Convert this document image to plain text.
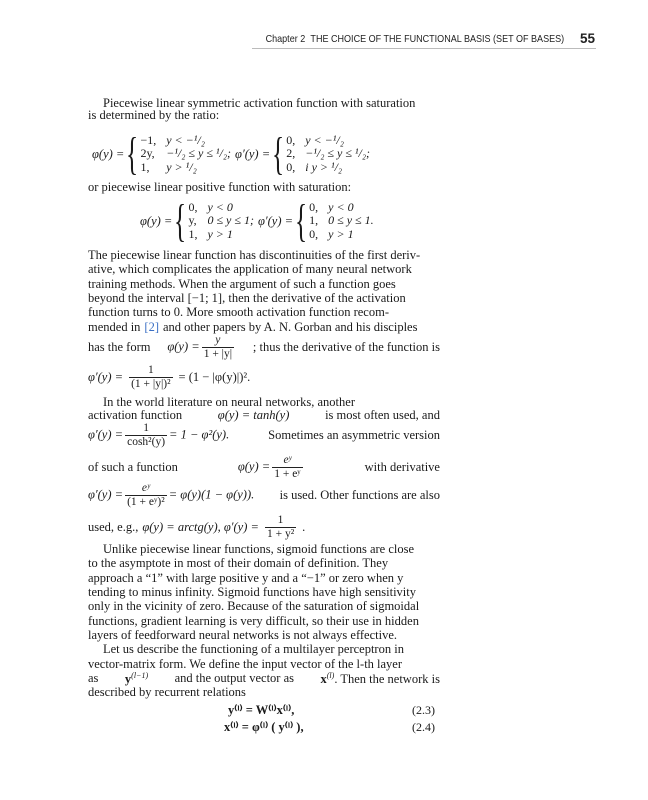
Chapter 2 THE CHOICE OF THE FUNCTIONAL BASIS (SET OF BASES) 55
Piecewise linear symmetric activation function with saturation
is determined by the ratio:
φ(y) = { −1, y < −¹/₂
2y, −¹/₂ ≤ y ≤ ¹/₂;
1,	y > ¹/₂
φ′(y) = { 0, y < −¹/₂
2, −¹/₂ ≤ y ≤ ¹/₂;
0, i y > ¹/₂
or piecewise linear positive function with saturation:
φ(y) = { 0, y < 0
y, 0 ≤ y ≤ 1;
1, y > 1
φ′(y) = { 0, y < 0
1, 0 ≤ y ≤ 1.
0, y > 1
The piecewise linear function has discontinuities of the first deriv-
ative, which complicates the application of many neural network
training methods. When the argument of such a function goes
beyond the interval [−1; 1], then the derivative of the activation
function turns to 0. More smooth activation function recom-
mended in [2] and other papers by A. N. Gorban and his disciples
has the form $\varphi(y) = \frac{y}{1 + |y|}$ ; thus the derivative of the function is
$\varphi'(y) = \frac{1}{\text{(1 + |y|)²}} = (1 - |\varphi(y)|)^2$.
In the world literature on neural networks, another
activation function	φ(y) = tanh(y)	is most often used, and
$\varphi'(y) = \frac{1}{\text{cosh²(y)}} = 1 - \varphi^2(y)$.	Sometimes an asymmetric version
of such a function	$\varphi(y) = \frac{\text{eʸ}}{\text{1 + eʸ}}$	with derivative
$\varphi'(y) = \frac{\text{eʸ}}{\text{(1 + eʸ)²}} = \varphi(y)(1 - \varphi(y))$. is used. Other functions are also
used, e.g., φ(y) = arctg(y), $\varphi'(y) = \frac{1}{\text{1 + y²}}$ .
Unlike piecewise linear functions, sigmoid functions are close
to the asymptote in most of their domain of definition. They
approach a “1” with large positive y and a “−1” or zero when y
tending to minus infinity. Sigmoid functions have high sensitivity
only in the vicinity of zero. Because of the saturation of sigmoidal
functions, gradient learning is very difficult, so their use in hidden
layers of feedforward neural networks is not always effective.
Let us describe the functioning of a multilayer perceptron in
vector-matrix form. We define the input vector of the l-th layer
as $y^{(l-1)}$ and the output vector as $x^{(l)}$. Then the network is
described by recurrent relations
y⁽ˡ⁾ = W⁽ˡ⁾x⁽ˡ⁾,	(2.3)
x⁽ˡ⁾ = φ⁽ˡ⁾ ( y⁽ˡ⁾ ),	(2.4)
